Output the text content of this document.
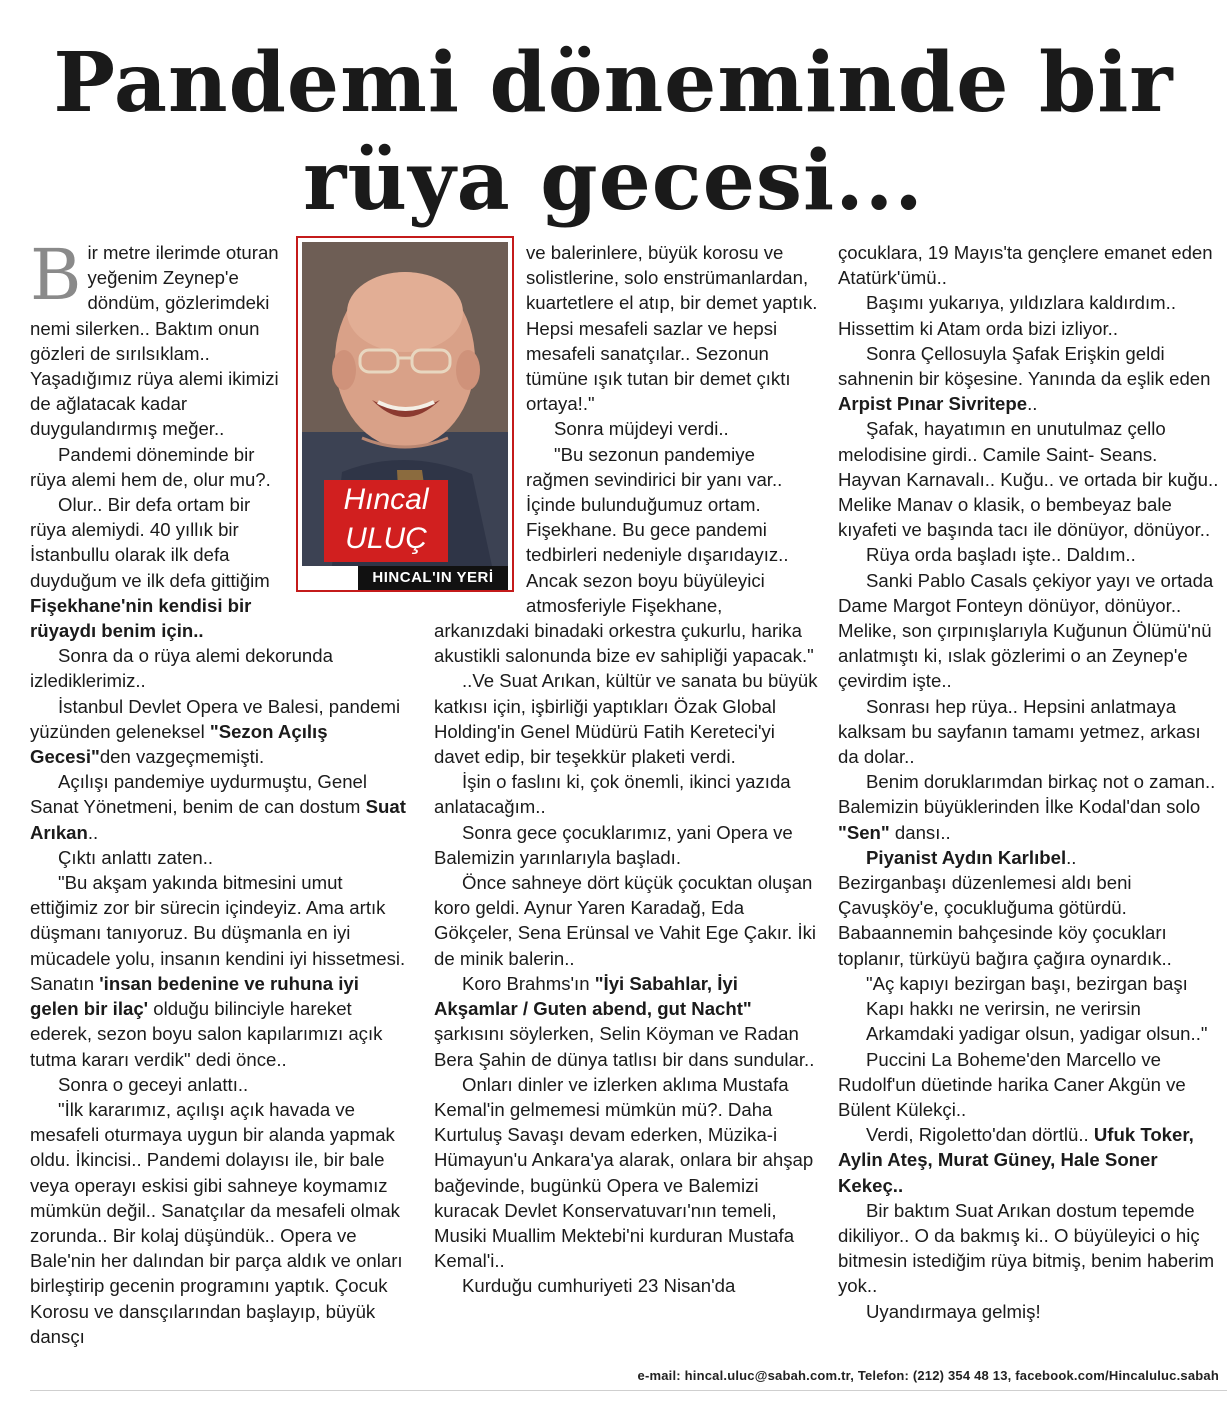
Pandemi döneminde bir
rüya gecesi...

Bir metre ilerimde oturan yeğenim Zeynep'e döndüm, gözlerimdeki nemi silerken.. Baktım onun gözleri de sırılsıklam.. Yaşadığımız rüya alemi ikimizi de ağlatacak kadar duygulandırmış meğer..

Pandemi döneminde bir rüya alemi hem de, olur mu?.

Olur.. Bir defa ortam bir rüya alemiydi. 40 yıllık bir İstanbullu olarak ilk defa duyduğum ve ilk defa gittiğim Fişekhane'nin kendisi bir rüyaydı benim için..

Sonra da o rüya alemi dekorunda izlediklerimiz..

İstanbul Devlet Opera ve Balesi, pandemi yüzünden geleneksel "Sezon Açılış Gecesi"den vazgeçmemişti.

Açılışı pandemiye uydurmuştu, Genel Sanat Yönetmeni, benim de can dostum Suat Arıkan..

Çıktı anlattı zaten..

"Bu akşam yakında bitmesini umut ettiğimiz zor bir sürecin içindeyiz. Ama artık düşmanı tanıyoruz. Bu düşmanla en iyi mücadele yolu, insanın kendini iyi hissetmesi. Sanatın 'insan bedenine ve ruhuna iyi gelen bir ilaç' olduğu bilinciyle hareket ederek, sezon boyu salon kapılarımızı açık tutma kararı verdik" dedi önce..

Sonra o geceyi anlattı..

"İlk kararımız, açılışı açık havada ve mesafeli oturmaya uygun bir alanda yapmak oldu. İkincisi.. Pandemi dolayısı ile, bir bale veya operayı eskisi gibi sahneye koymamız mümkün değil.. Sanatçılar da mesafeli olmak zorunda.. Bir kolaj düşündük.. Opera ve Bale'nin her dalından bir parça aldık ve onları birleştirip gecenin programını yaptık. Çocuk Korosu ve dansçılarından başlayıp, büyük dansçı

ve balerinlere, büyük korosu ve solistlerine, solo enstrümanlardan, kuartetlere el atıp, bir demet yaptık. Hepsi mesafeli sazlar ve hepsi mesafeli sanatçılar.. Sezonun tümüne ışık tutan bir demet çıktı ortaya!."

Sonra müjdeyi verdi..

"Bu sezonun pandemiye rağmen sevindirici bir yanı var.. İçinde bulunduğumuz ortam. Fişekhane. Bu gece pandemi tedbirleri nedeniyle dışarıdayız.. Ancak sezon boyu büyüleyici atmosferiyle Fişekhane, arkanızdaki binadaki orkestra çukurlu, harika akustikli salonunda bize ev sahipliği yapacak."

..Ve Suat Arıkan, kültür ve sanata bu büyük katkısı için, işbirliği yaptıkları Özak Global Holding'in Genel Müdürü Fatih Kereteci'yi davet edip, bir teşekkür plaketi verdi.

İşin o faslını ki, çok önemli, ikinci yazıda anlatacağım..

Sonra gece çocuklarımız, yani Opera ve Balemizin yarınlarıyla başladı.

Önce sahneye dört küçük çocuktan oluşan koro geldi. Aynur Yaren Karadağ, Eda Gökçeler, Sena Erünsal ve Vahit Ege Çakır. İki de minik balerin..

Koro Brahms'ın "İyi Sabahlar, İyi Akşamlar / Guten abend, gut Nacht" şarkısını söylerken, Selin Köyman ve Radan Bera Şahin de dünya tatlısı bir dans sundular..

Onları dinler ve izlerken aklıma Mustafa Kemal'in gelmemesi mümkün mü?. Daha Kurtuluş Savaşı devam ederken, Müzika-i Hümayun'u Ankara'ya alarak, onlara bir ahşap bağevinde, bugünkü Opera ve Balemizi kuracak Devlet Konservatuvarı'nın temeli, Musiki Muallim Mektebi'ni kurduran Mustafa Kemal'i..

Kurduğu cumhuriyeti 23 Nisan'da

çocuklara, 19 Mayıs'ta gençlere emanet eden Atatürk'ümü..

Başımı yukarıya, yıldızlara kaldırdım.. Hissettim ki Atam orda bizi izliyor..

Sonra Çellosuyla Şafak Erişkin geldi sahnenin bir köşesine. Yanında da eşlik eden Arpist Pınar Sivritepe..

Şafak, hayatımın en unutulmaz çello melodisine girdi.. Camile Saint- Seans. Hayvan Karnavalı.. Kuğu.. ve ortada bir kuğu.. Melike Manav o klasik, o bembeyaz bale kıyafeti ve başında tacı ile dönüyor, dönüyor..

Rüya orda başladı işte.. Daldım..

Sanki Pablo Casals çekiyor yayı ve ortada Dame Margot Fonteyn dönüyor, dönüyor.. Melike, son çırpınışlarıyla Kuğunun Ölümü'nü anlatmıştı ki, ıslak gözlerimi o an Zeynep'e çevirdim işte..

Sonrası hep rüya.. Hepsini anlatmaya kalksam bu sayfanın tamamı yetmez, arkası da dolar..

Benim doruklarımdan birkaç not o zaman.. Balemizin büyüklerinden İlke Kodal'dan solo "Sen" dansı..

Piyanist Aydın Karlıbel..

Bezirganbaşı düzenlemesi aldı beni Çavuşköy'e, çocukluğuma götürdü. Babaannemin bahçesinde köy çocukları toplanır, türküyü bağıra çağıra oynardık..

"Aç kapıyı bezirgan başı, bezirgan başı

Kapı hakkı ne verirsin, ne verirsin

Arkamdaki yadigar olsun, yadigar olsun.."

Puccini La Boheme'den Marcello ve Rudolf'un düetinde harika Caner Akgün ve Bülent Külekçi..

Verdi, Rigoletto'dan dörtlü.. Ufuk Toker, Aylin Ateş, Murat Güney, Hale Soner Kekeç..

Bir baktım Suat Arıkan dostum tepemde dikiliyor.. O da bakmış ki.. O büyüleyici o hiç bitmesin istediğim rüya bitmiş, benim haberim yok..

Uyandırmaya gelmiş!

Hıncal
ULUÇ
HINCAL'IN YERİ
e-mail: hincal.uluc@sabah.com.tr, Telefon: (212) 354 48 13, facebook.com/Hincaluluc.sabah
